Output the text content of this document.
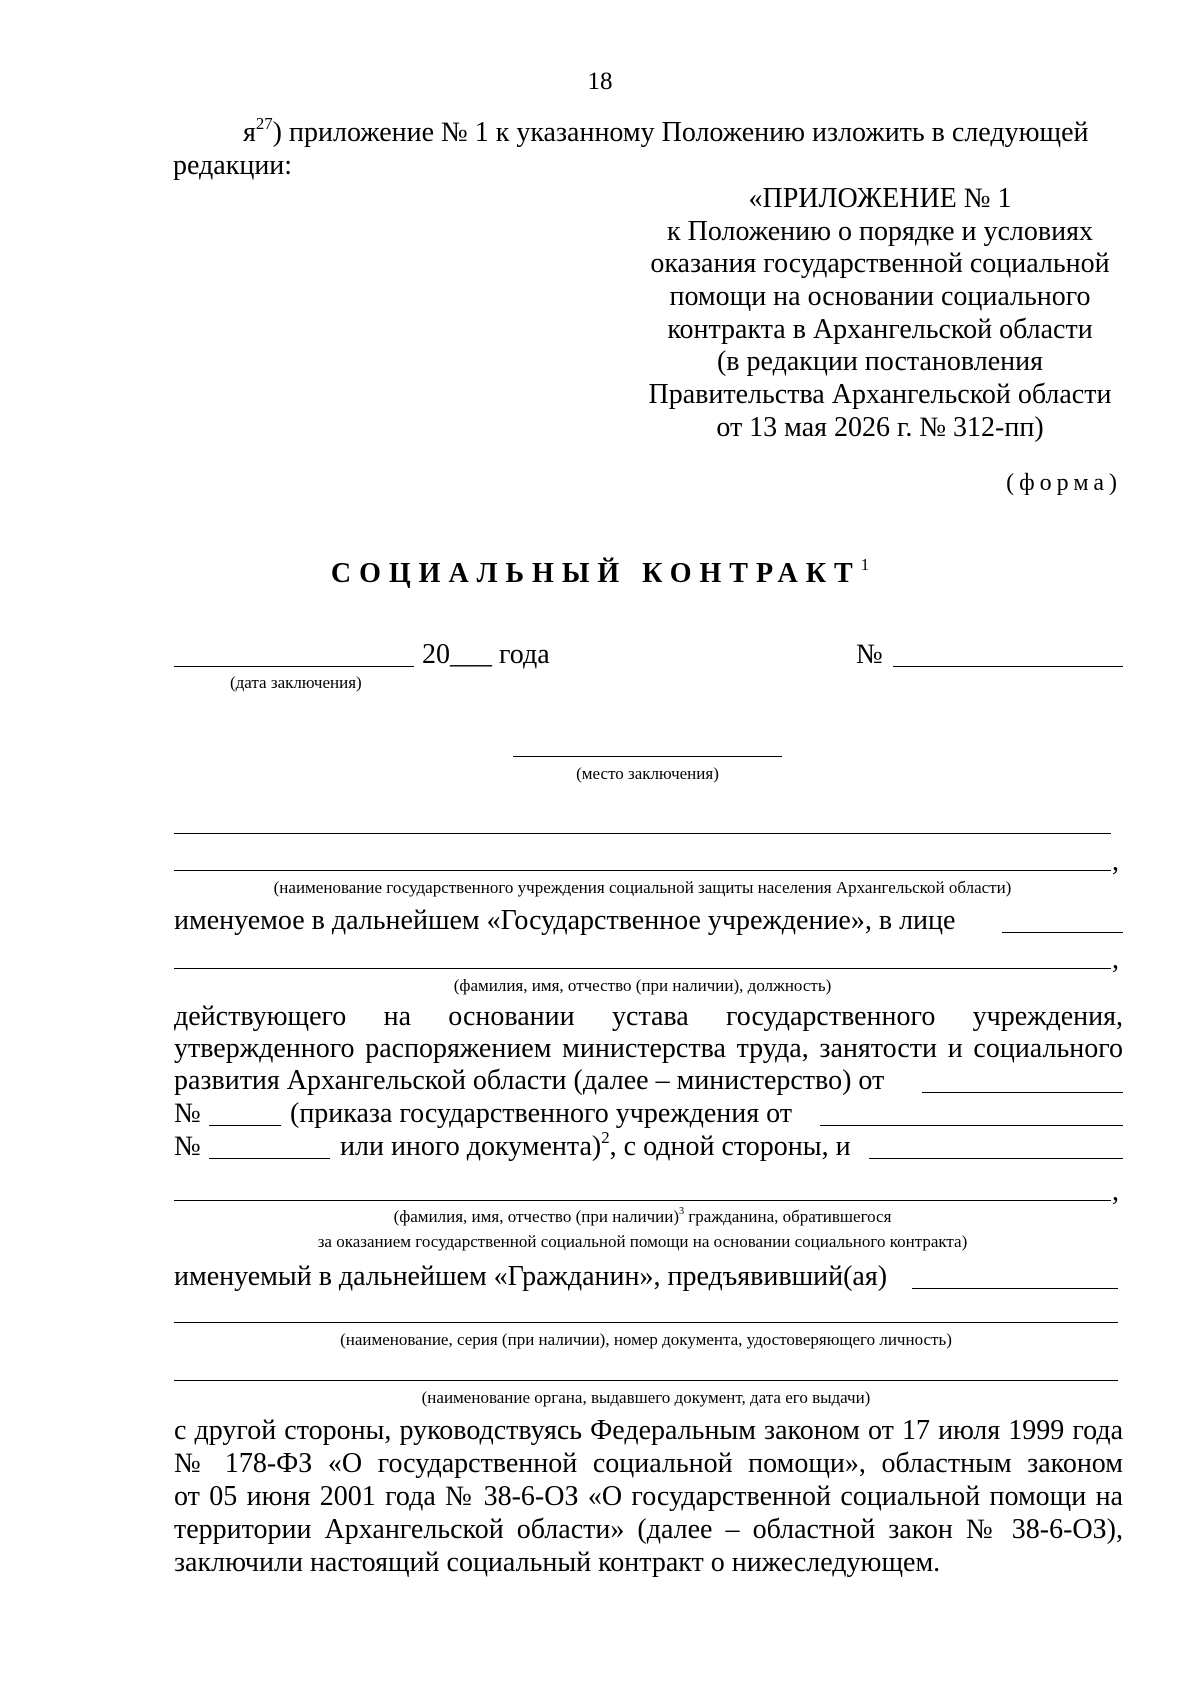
18
$я^{27}$) приложение № 1 к указанному Положению изложить в следующей
редакции:
«ПРИЛОЖЕНИЕ № 1
к Положению о порядке и условиях
оказания государственной социальной
помощи на основании социального
контракта в Архангельской области
(в редакции постановления
Правительства Архангельской области
от 13 мая 2026 г. № 312-пп)
(форма)
СОЦИАЛЬНЫЙ КОНТРАКТ$^1$
20___ года
(дата заключения)
№
(место заключения)
,
(наименование государственного учреждения социальной защиты населения Архангельской области)
именуемое в дальнейшем «Государственное учреждение», в лице
,
(фамилия, имя, отчество (при наличии), должность)
действующего на основании устава государственного учреждения,
утвержденного распоряжением министерства труда, занятости и социального
развития Архангельской области (далее – министерство) от
№	(приказа государственного учреждения от
№	или иного документа)$^2$, с одной стороны, и
,
(фамилия, имя, отчество (при наличии)$^3$ гражданина, обратившегося
за оказанием государственной социальной помощи на основании социального контракта)
именуемый в дальнейшем «Гражданин», предъявивший(ая)
(наименование, серия (при наличии), номер документа, удостоверяющего личность)
(наименование органа, выдавшего документ, дата его выдачи)
с другой стороны, руководствуясь Федеральным законом от 17 июля 1999 года
№ 178-ФЗ «О государственной социальной помощи», областным законом
от 05 июня 2001 года № 38-6-ОЗ «О государственной социальной помощи на
территории Архангельской области» (далее – областной закон № 38-6-ОЗ),
заключили настоящий социальный контракт о нижеследующем.
